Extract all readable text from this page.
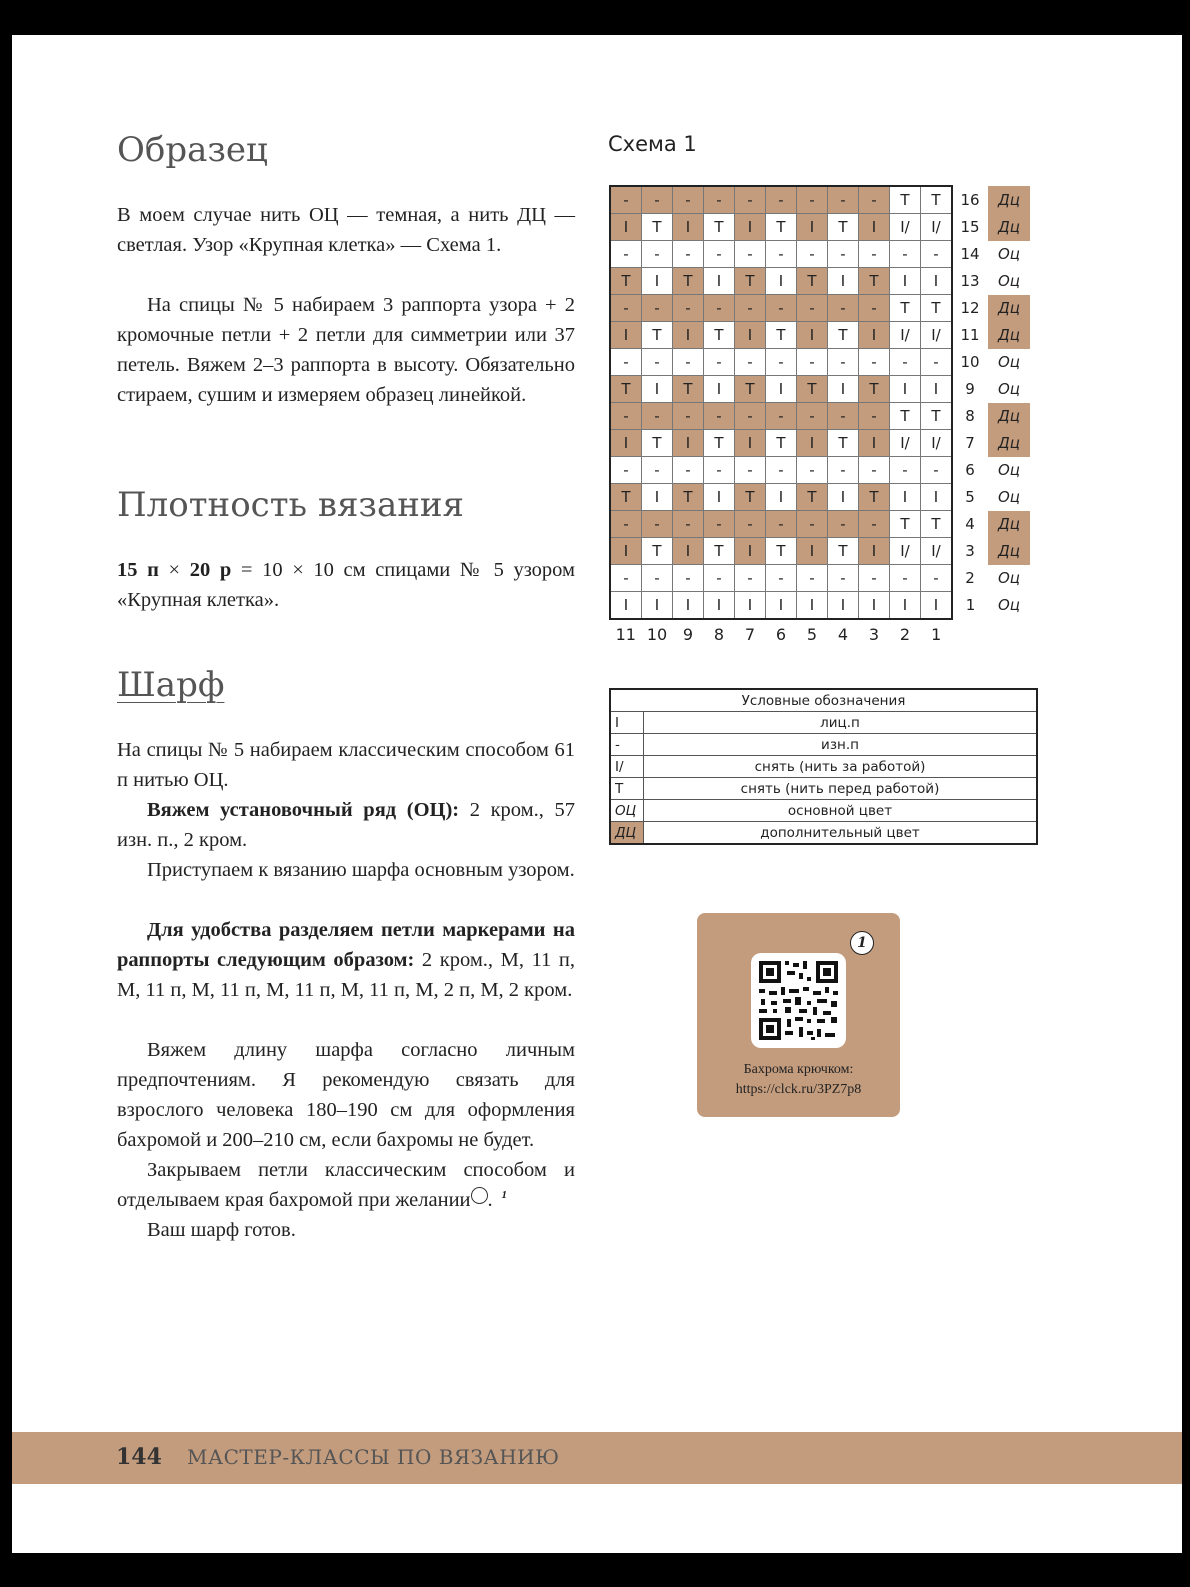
Образец

В моем случае нить ОЦ — темная, а нить ДЦ — светлая. Узор «Крупная клетка» — Схема 1.

На спицы № 5 набираем 3 раппорта узора + 2 кромочные петли + 2 петли для симметрии или 37 петель. Вяжем 2–3 раппорта в высоту. Обязательно стираем, сушим и измеряем образец линейкой.

Плотность вязания

15 п × 20 р = 10 × 10 см спицами № 5 узором «Крупная клетка».

Шарф

На спицы № 5 набираем классическим способом 61 п нитью ОЦ.

Вяжем установочный ряд (ОЦ): 2 кром., 57 изн. п., 2 кром.

Приступаем к вязанию шарфа основным узором.

Для удобства разделяем петли маркерами на раппорты следующим образом: 2 кром., М, 11 п, М, 11 п, М, 11 п, М, 11 п, М, 11 п, М, 2 п, М, 2 кром.

Вяжем длину шарфа согласно личным предпочтениям. Я рекомендую связать для взрослого человека 180–190 см для оформления бахромой и 200–210 см, если бахромы не будет.

Закрываем петли классическим способом и отделываем края бахромой при желании	1.

Ваш шарф готов.

Схема 1
-	-	-	-	-	-	-	-	-	T	T	16	Дц
I	T	I	T	I	T	I	T	I	I/	I/	15	Дц
-	-	-	-	-	-	-	-	-	-	-	14	Оц
T	I	T	I	T	I	T	I	T	I	I	13	Оц
-	-	-	-	-	-	-	-	-	T	T	12	Дц
I	T	I	T	I	T	I	T	I	I/	I/	11	Дц
-	-	-	-	-	-	-	-	-	-	-	10	Оц
T	I	T	I	T	I	T	I	T	I	I	9	Оц
-	-	-	-	-	-	-	-	-	T	T	8	Дц
I	T	I	T	I	T	I	T	I	I/	I/	7	Дц
-	-	-	-	-	-	-	-	-	-	-	6	Оц
T	I	T	I	T	I	T	I	T	I	I	5	Оц
-	-	-	-	-	-	-	-	-	T	T	4	Дц
I	T	I	T	I	T	I	T	I	I/	I/	3	Дц
-	-	-	-	-	-	-	-	-	-	-	2	Оц
I	I	I	I	I	I	I	I	I	I	I	1	Оц
11	10	9	8	7	6	5	4	3	2	1		
Условные обозначения	
I	лиц.п
-	изн.п
I/	снять (нить за работой)
T	снять (нить перед работой)
ОЦ	основной цвет
ДЦ	дополнительный цвет
1
Бахрома крючком:
https://clck.ru/3PZ7p8
144 МАСТЕР-КЛАССЫ ПО ВЯЗАНИЮ
